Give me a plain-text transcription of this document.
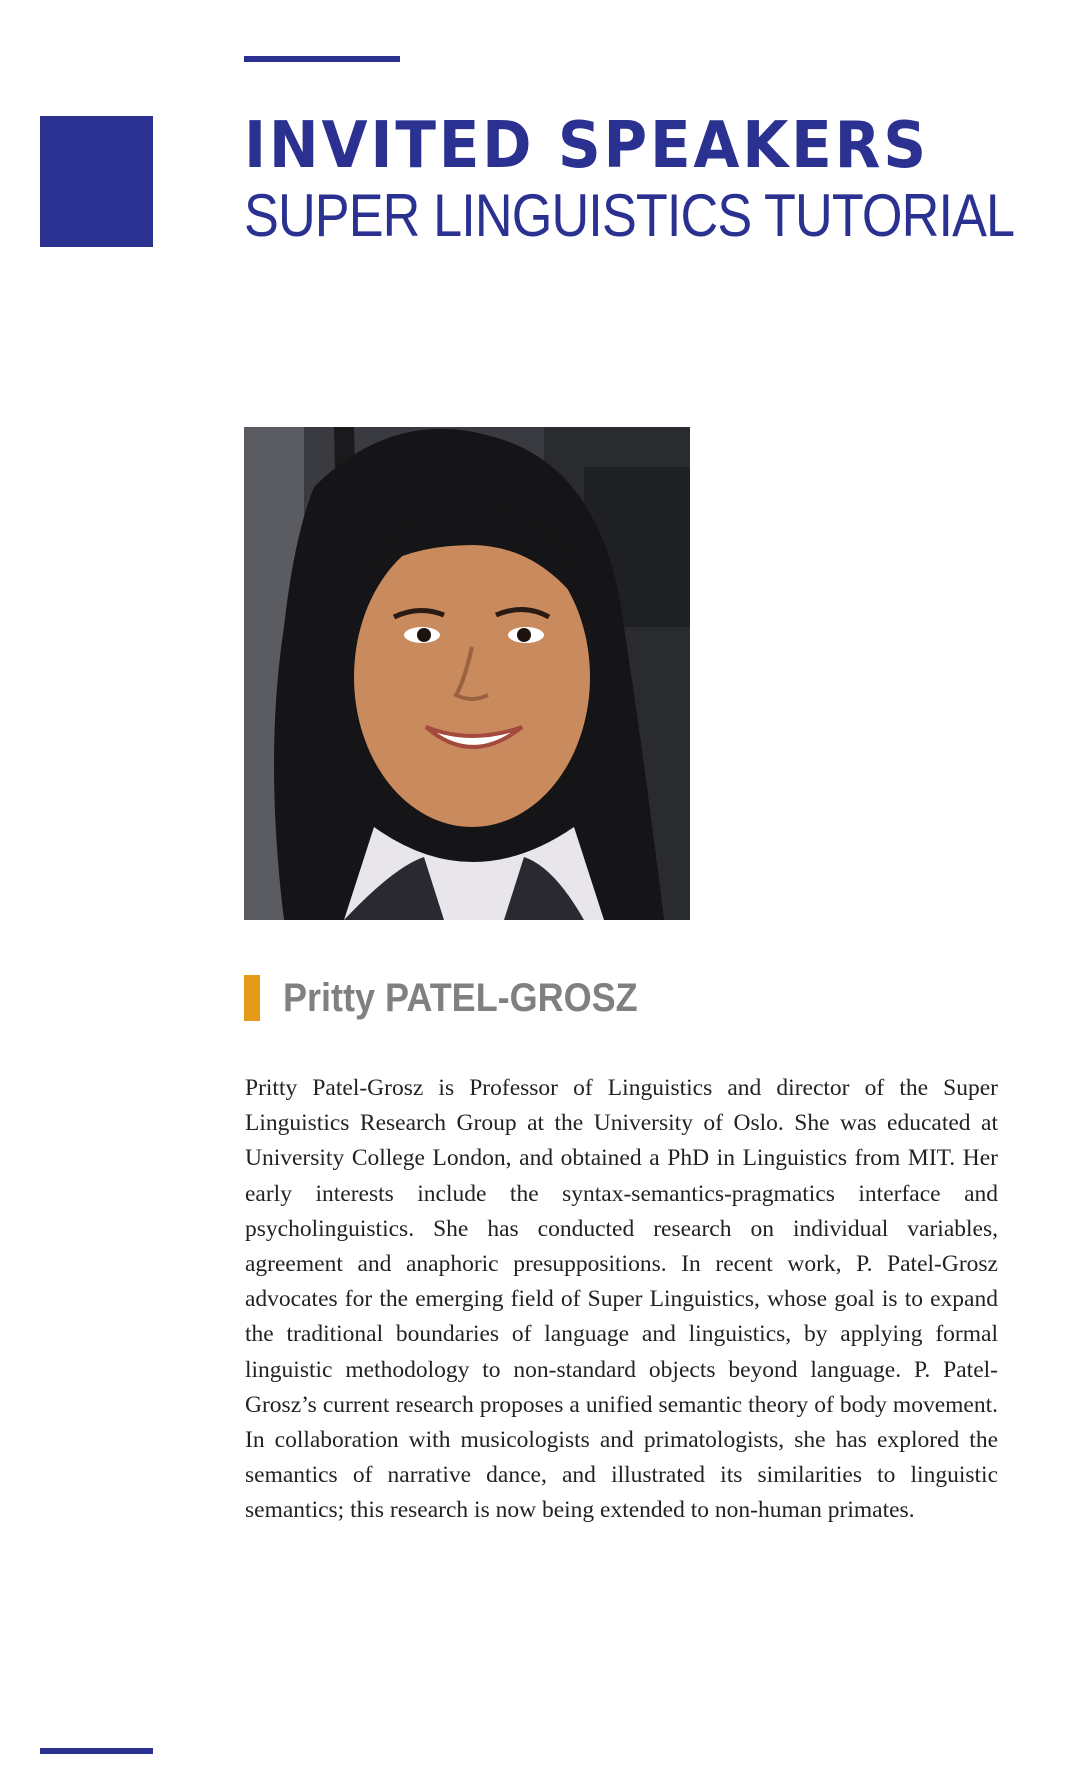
INVITED SPEAKERS
SUPER LINGUISTICS TUTORIAL
Pritty PATEL-GROSZ

Pritty Patel-Grosz is Professor of Linguistics and director of the Super Linguistics Research Group at the University of Oslo. She was educated at University College London, and obtained a PhD in Linguistics from MIT. Her early interests include the syntax-semantics-pragmatics interface and psycholinguistics. She has conducted research on individual variables, agreement and anaphoric presuppositions. In recent work, P. Patel-Grosz advocates for the emerging field of Super Linguistics, whose goal is to expand the traditional boundaries of language and linguistics, by applying formal linguistic methodology to non-standard objects beyond language. P. Patel-Grosz’s current research proposes a unified semantic theory of body movement. In collaboration with musicologists and primatologists, she has explored the semantics of narrative dance, and illustrated its similarities to linguistic semantics; this research is now being extended to non-human primates.
